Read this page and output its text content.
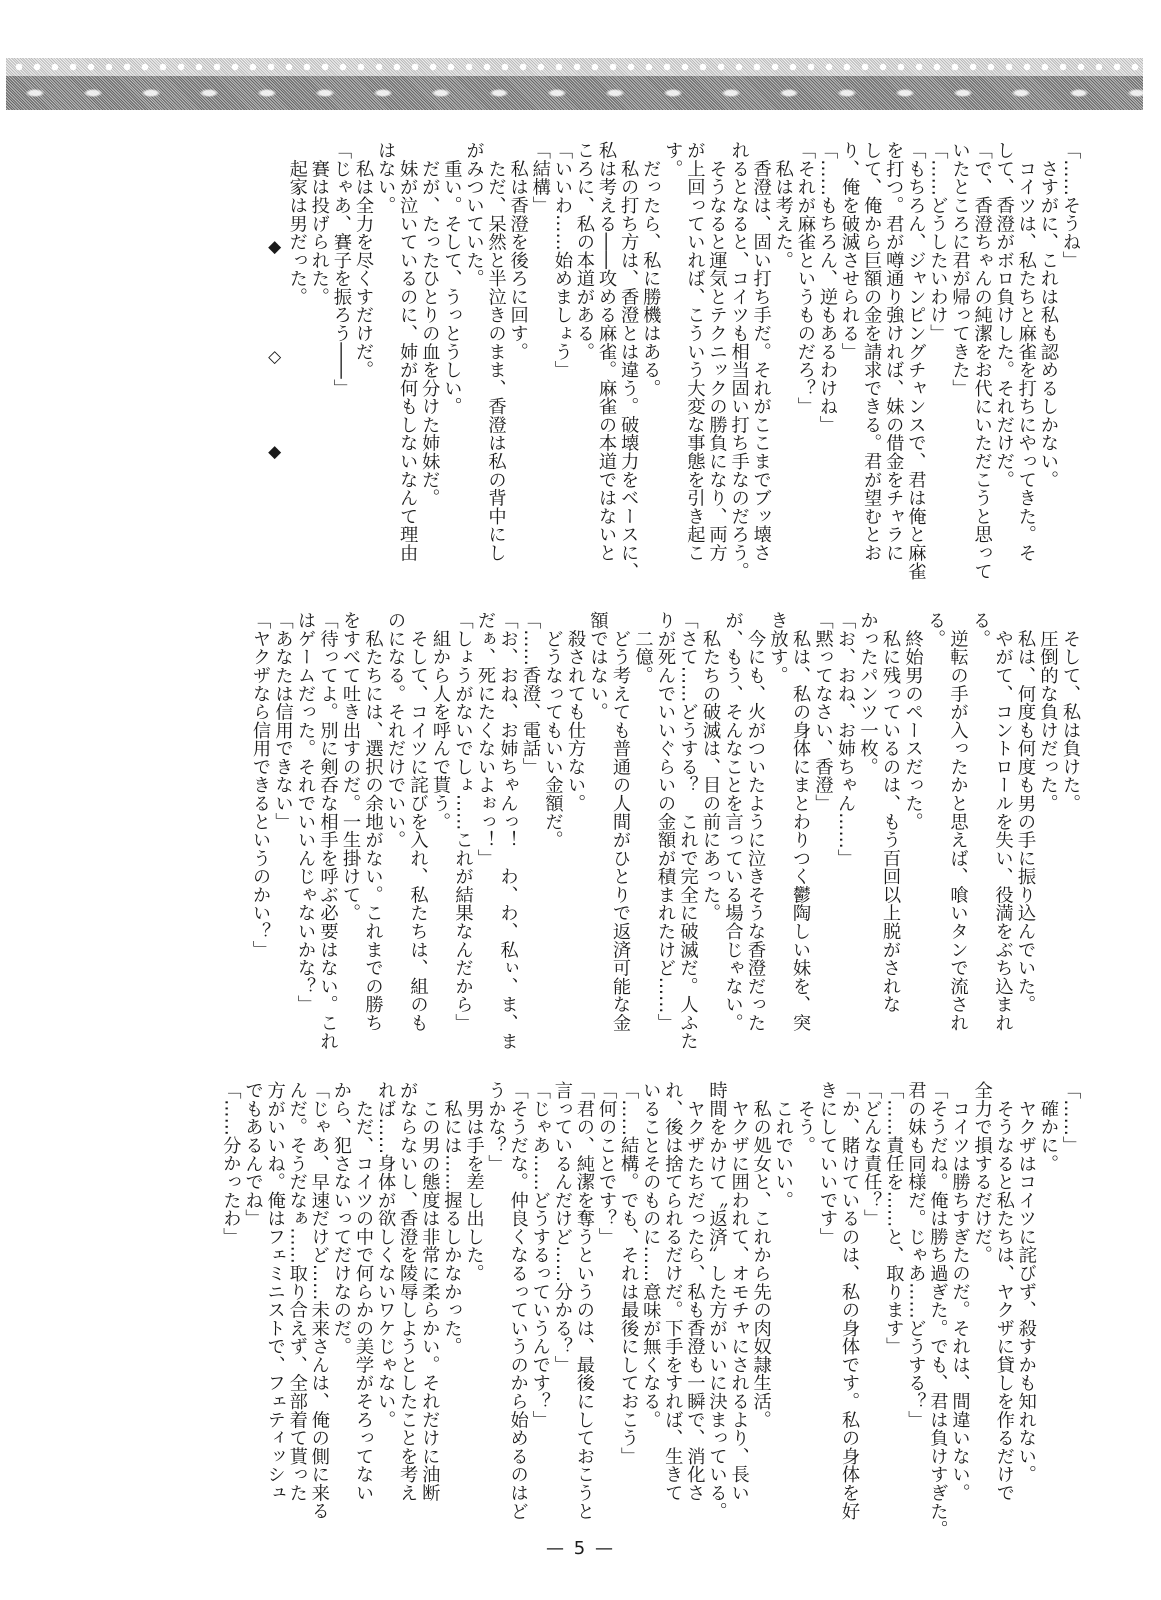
「……そうね」
　さすがに、これは私も認めるしかない。
　コイツは、私たちと麻雀を打ちにやってきた。そ
して、香澄がボロ負けした。それだけだ。
「で、香澄ちゃんの純潔をお代にいただこうと思って
いたところに君が帰ってきた」
「……どうしたいわけ」
「もちろん、ジャンピングチャンスで、君は俺と麻雀
を打つ。君が噂通り強ければ、妹の借金をチャラに
して、俺から巨額の金を請求できる。君が望むとお
り、俺を破滅させられる」
「……もちろん、逆もあるわけね」
「それが麻雀というものだろ？」
　私は考えた。
　香澄は、固い打ち手だ。それがここまでブッ壊さ
れるとなると、コイツも相当固い打ち手なのだろう。
　そうなると運気とテクニックの勝負になり、両方
が上回っていれば、こういう大変な事態を引き起こ
す。
　だったら、私に勝機はある。
　私の打ち方は、香澄とは違う。破壊力をベースに、
私は考える――攻める麻雀。麻雀の本道ではないと
ころに、私の本道がある。
「いいわ……始めましょう」
「結構」
　私は香澄を後ろに回す。
　ただ、呆然と半泣きのまま、香澄は私の背中にし
がみついていた。
　重い。そして、うっとうしい。
　だが、たったひとりの血を分けた姉妹だ。
　妹が泣いているのに、姉が何もしないなんて理由
はない。
　私は全力を尽くすだけだ。
「じゃあ、賽子を振ろう――」
　賽は投げられた。
　起家は男だった。
◆
◇
◆
　そして、私は負けた。
　圧倒的な負けだった。
　私は、何度も何度も男の手に振り込んでいた。
　やがて、コントロールを失い、役満をぶち込まれ
る。
　逆転の手が入ったかと思えば、喰いタンで流され
る。
　終始男のペースだった。
　私に残っているのは、もう百回以上脱がされな
かったパンツ一枚。
「お、おね、お姉ちゃん……」
「黙ってなさい、香澄」
　私は、私の身体にまとわりつく鬱陶しい妹を、突
き放す。
　今にも、火がついたように泣きそうな香澄だった
が、もう、そんなことを言っている場合じゃない。
　私たちの破滅は、目の前にあった。
「さて……どうする？　これで完全に破滅だ。人ふた
りが死んでいいぐらいの金額が積まれたけど……」
　二億。
　どう考えても普通の人間がひとりで返済可能な金
額ではない。
　殺されても仕方ない。
　どうなってもいい金額だ。
「……香澄、電話」
「お、おね、お姉ちゃんっ！　わ、わ、私ぃ、ま、ま
だぁ、死にたくないよぉっ！」
「しょうがないでしょ……これが結果なんだから」
　組から人を呼んで貰う。
　そして、コイツに詫びを入れ、私たちは、組のも
のになる。それだけでいい。
　私たちには、選択の余地がない。これまでの勝ち
をすべて吐き出すのだ。一生掛けて。
「待ってよ。別に剣呑な相手を呼ぶ必要はない。これ
はゲームだった。それでいいんじゃないかな？」
「あなたは信用できない」
「ヤクザなら信用できるというのかい？」
「……」
　確かに。
　ヤクザはコイツに詫びず、殺すかも知れない。
　そうなると私たちは、ヤクザに貸しを作るだけで
全力で損するだけだ。
　コイツは勝ちすぎたのだ。それは、間違いない。
「そうだね。俺は勝ち過ぎた。でも、君は負けすぎた。
君の妹も同様だ。じゃあ……どうする？」
「……責任を……と、取ります」
「どんな責任？」
「か、賭けているのは、私の身体です。私の身体を好
きにしていいです」
　そう。
　これでいい。
　私の処女と、これから先の肉奴隷生活。
　ヤクザに囲われて、オモチャにされるより、長い
時間をかけて〝返済〟した方がいいに決まっている。
　ヤクザたちだったら、私も香澄も一瞬で、消化さ
れ、後は捨てられるだけだ。下手をすれば、生きて
いることそのものに……意味が無くなる。
「……結構。でも、それは最後にしておこう」
「何のことです？」
「君の、純潔を奪うというのは、最後にしておこうと
言っているんだけど……分かる？」
「じゃあ……どうするっていうんです？」
「そうだな。仲良くなるっていうのから始めるのはど
うかな？」
　男は手を差し出した。
　私には……握るしかなかった。
　この男の態度は非常に柔らかい。それだけに油断
がならないし、香澄を陵辱しようとしたことを考え
れば……身体が欲しくないワケじゃない。
　ただ、コイツの中で何らかの美学がそろってない
から、犯さないってだけなのだ。
「じゃあ、早速だけど……未来さんは、俺の側に来る
んだ。そうだなぁ……取り合えず、全部着て貰った
方がいいね。俺はフェミニストで、フェティッシュ
でもあるんでね」
「……分かったわ」
— 5 —
